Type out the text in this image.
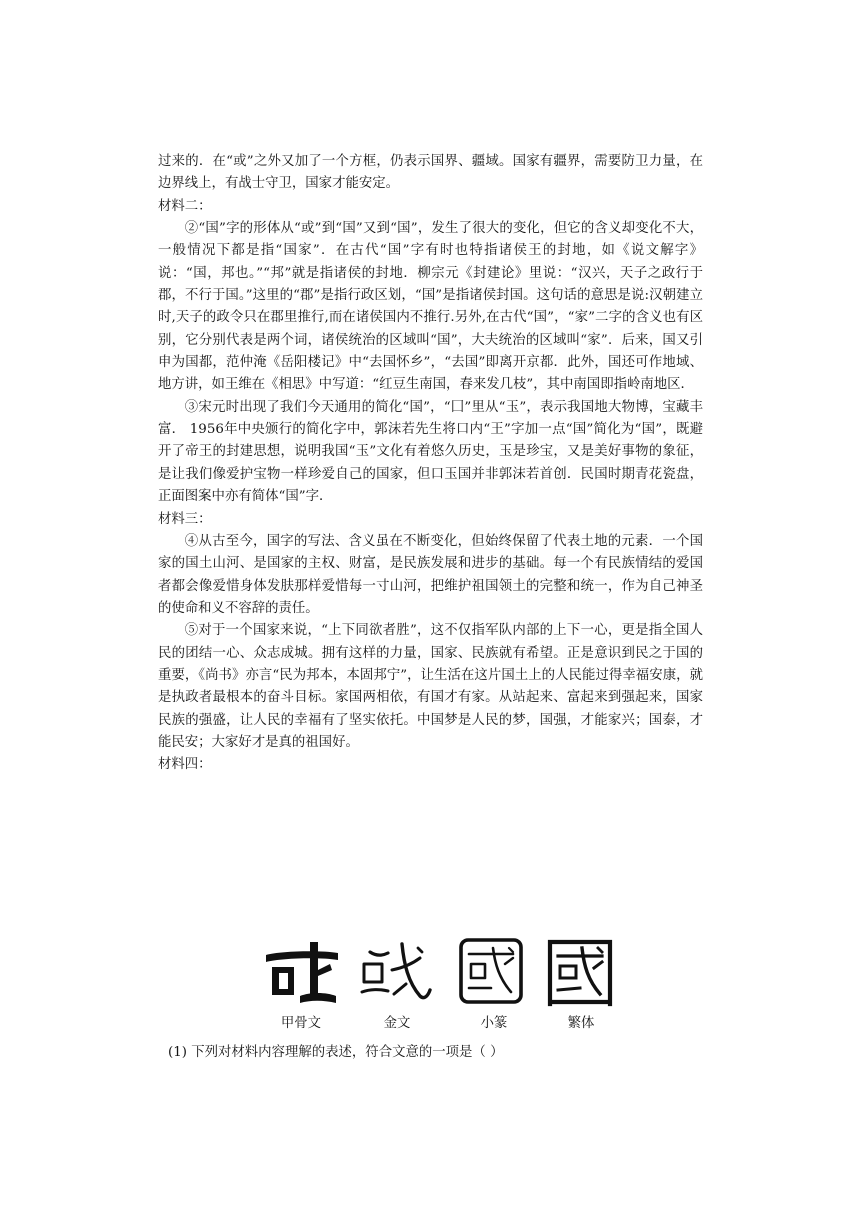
过来的．在“或”之外又加了一个方框，仍表示国界、疆域。国家有疆界，需要防卫力量，在边界线上，有战士守卫，国家才能安定。

材料二：

②“国”字的形体从“或”到“国”又到“国”，发生了很大的变化，但它的含义却变化不大，一般情况下都是指“国家”．在古代“国”字有时也特指诸侯王的封地，如《说文解字》说：“国，邦也。”“邦”就是指诸侯的封地．柳宗元《封建论》里说：“汉兴，天子之政行于郡，不行于国。”这里的“郡”是指行政区划，“国”是指诸侯封国。这句话的意思是说:汉朝建立时,天子的政令只在郡里推行,而在诸侯国内不推行.另外,在古代“国”，“家”二字的含义也有区别，它分别代表是两个词，诸侯统治的区域叫“国”，大夫统治的区域叫“家”．后来，国又引申为国都，范仲淹《岳阳楼记》中“去国怀乡”，“去国”即离开京都．此外，国还可作地域、地方讲，如王维在《相思》中写道：“红豆生南国，春来发几枝”，其中南国即指岭南地区．

③宋元时出现了我们今天通用的简化“国”，“囗”里从“玉”，表示我国地大物博，宝藏丰富． 1956年中央颁行的简化字中，郭沫若先生将口内“王”字加一点“国”简化为“国”，既避开了帝王的封建思想，说明我国“玉”文化有着悠久历史，玉是珍宝，又是美好事物的象征，是让我们像爱护宝物一样珍爱自己的国家，但口玉国并非郭沫若首创．民国时期青花瓷盘，正面图案中亦有简体“国”字．

材料三：

④从古至今，国字的写法、含义虽在不断变化，但始终保留了代表土地的元素．一个国家的国土山河、是国家的主权、财富，是民族发展和进步的基础。每一个有民族情结的爱国者都会像爱惜身体发肤那样爱惜每一寸山河，把维护祖国领土的完整和统一，作为自己神圣的使命和义不容辞的责任。

⑤对于一个国家来说，“上下同欲者胜”，这不仅指军队内部的上下一心，更是指全国人民的团结一心、众志成城。拥有这样的力量，国家、民族就有希望。正是意识到民之于国的重要，《尚书》亦言“民为邦本，本固邦宁”，让生活在这片国土上的人民能过得幸福安康，就是执政者最根本的奋斗目标。家国两相依，有国才有家。从站起来、富起来到强起来，国家民族的强盛，让人民的幸福有了坚实依托。中国梦是人民的梦，国强，才能家兴；国泰，才能民安；大家好才是真的祖国好。

材料四：

甲骨文	金文	小篆	繁体
(1) 下列对材料内容理解的表述，符合文意的一项是（ ）
